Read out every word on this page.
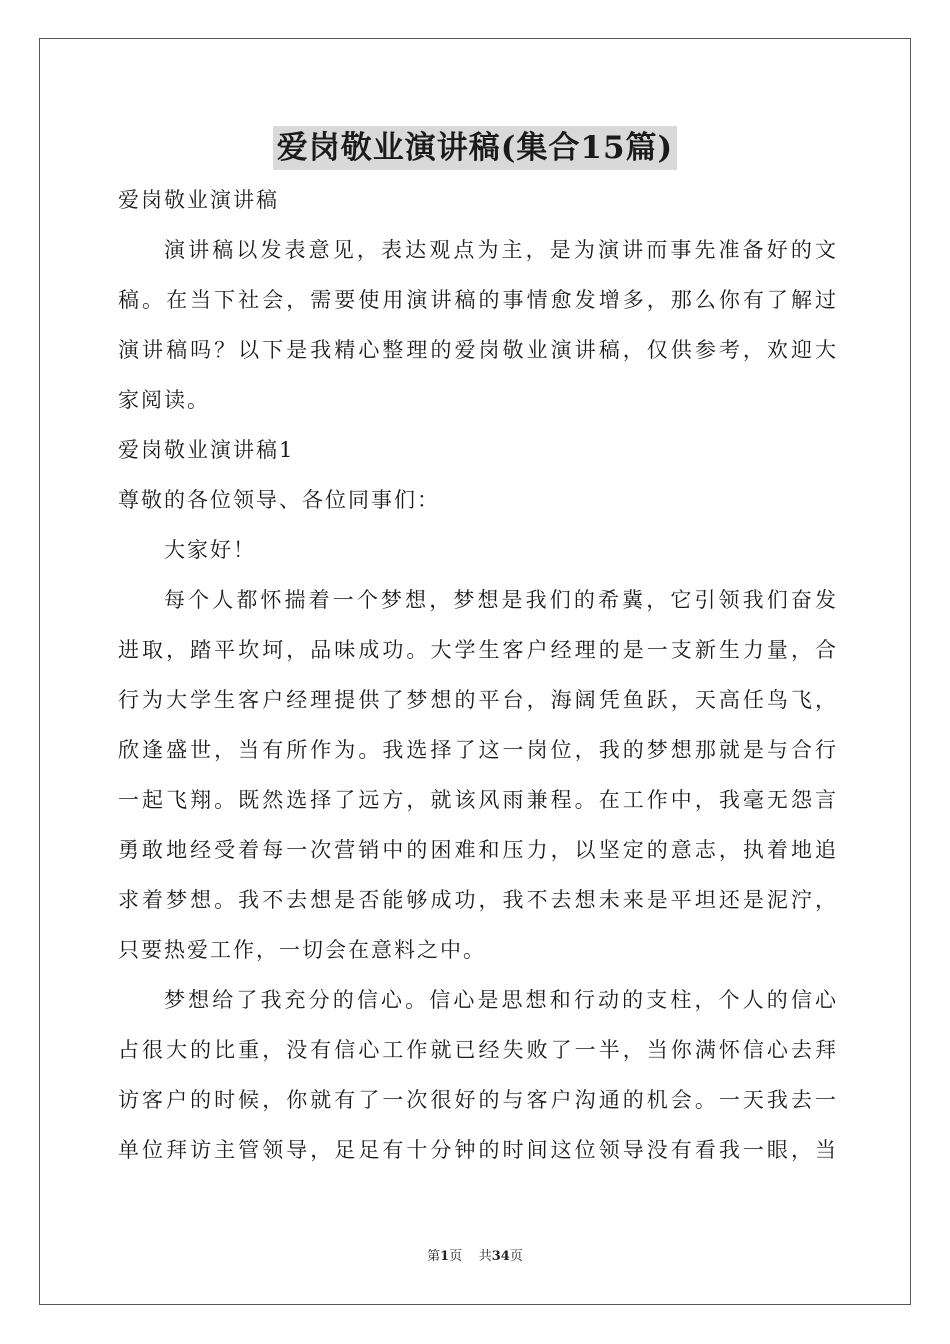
爱岗敬业演讲稿(集合15篇)
爱岗敬业演讲稿
演讲稿以发表意见，表达观点为主，是为演讲而事先准备好的文
稿。在当下社会，需要使用演讲稿的事情愈发增多，那么你有了解过
演讲稿吗？以下是我精心整理的爱岗敬业演讲稿，仅供参考，欢迎大
家阅读。
爱岗敬业演讲稿1
尊敬的各位领导、各位同事们：
大家好！
每个人都怀揣着一个梦想，梦想是我们的希冀，它引领我们奋发
进取，踏平坎坷，品味成功。大学生客户经理的是一支新生力量，合
行为大学生客户经理提供了梦想的平台，海阔凭鱼跃，天高任鸟飞，
欣逢盛世，当有所作为。我选择了这一岗位，我的梦想那就是与合行
一起飞翔。既然选择了远方，就该风雨兼程。在工作中，我毫无怨言
勇敢地经受着每一次营销中的困难和压力，以坚定的意志，执着地追
求着梦想。我不去想是否能够成功，我不去想未来是平坦还是泥泞，
只要热爱工作，一切会在意料之中。
梦想给了我充分的信心。信心是思想和行动的支柱，个人的信心
占很大的比重，没有信心工作就已经失败了一半，当你满怀信心去拜
访客户的时候，你就有了一次很好的与客户沟通的机会。一天我去一
单位拜访主管领导，足足有十分钟的时间这位领导没有看我一眼，当
第1页 共34页
